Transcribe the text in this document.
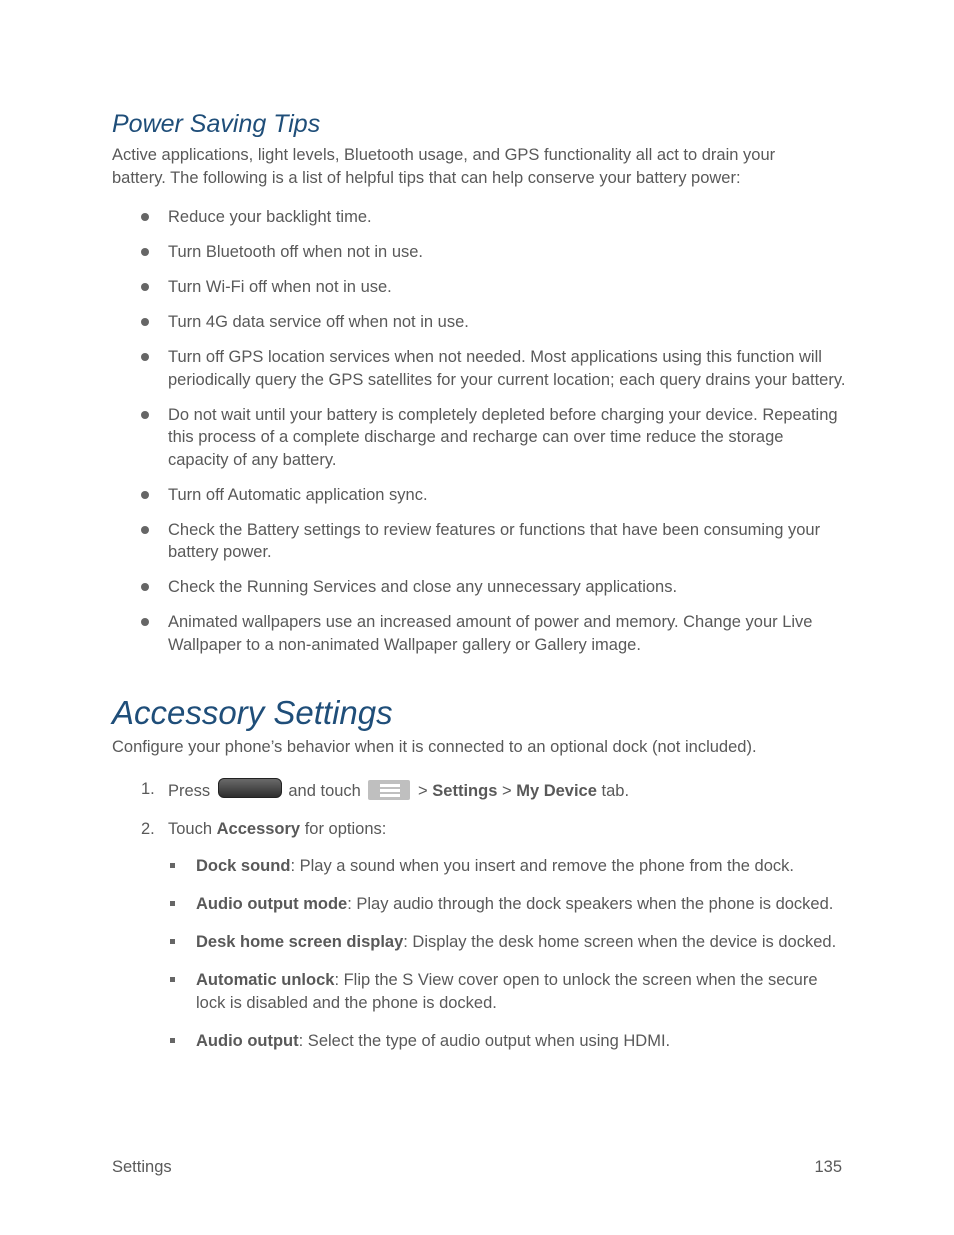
Power Saving Tips

Active applications, light levels, Bluetooth usage, and GPS functionality all act to drain your
battery. The following is a list of helpful tips that can help conserve your battery power:

Reduce your backlight time.
Turn Bluetooth off when not in use.
Turn Wi-Fi off when not in use.
Turn 4G data service off when not in use.
Turn off GPS location services when not needed. Most applications using this function will periodically query the GPS satellites for your current location; each query drains your battery.
Do not wait until your battery is completely depleted before charging your device. Repeating this process of a complete discharge and recharge can over time reduce the storage capacity of any battery.
Turn off Automatic application sync.
Check the Battery settings to review features or functions that have been consuming your battery power.
Check the Running Services and close any unnecessary applications.
Animated wallpapers use an increased amount of power and memory. Change your Live Wallpaper to a non-animated Wallpaper gallery or Gallery image.
Accessory Settings

Configure your phone’s behavior when it is connected to an optional dock (not included).

1. Press	and touch	> Settings > My Device tab.
2. Touch Accessory for options:
Dock sound: Play a sound when you insert and remove the phone from the dock.
Audio output mode: Play audio through the dock speakers when the phone is docked.
Desk home screen display: Display the desk home screen when the device is docked.
Automatic unlock: Flip the S View cover open to unlock the screen when the secure lock is disabled and the phone is docked.
Audio output: Select the type of audio output when using HDMI.
Settings	135
